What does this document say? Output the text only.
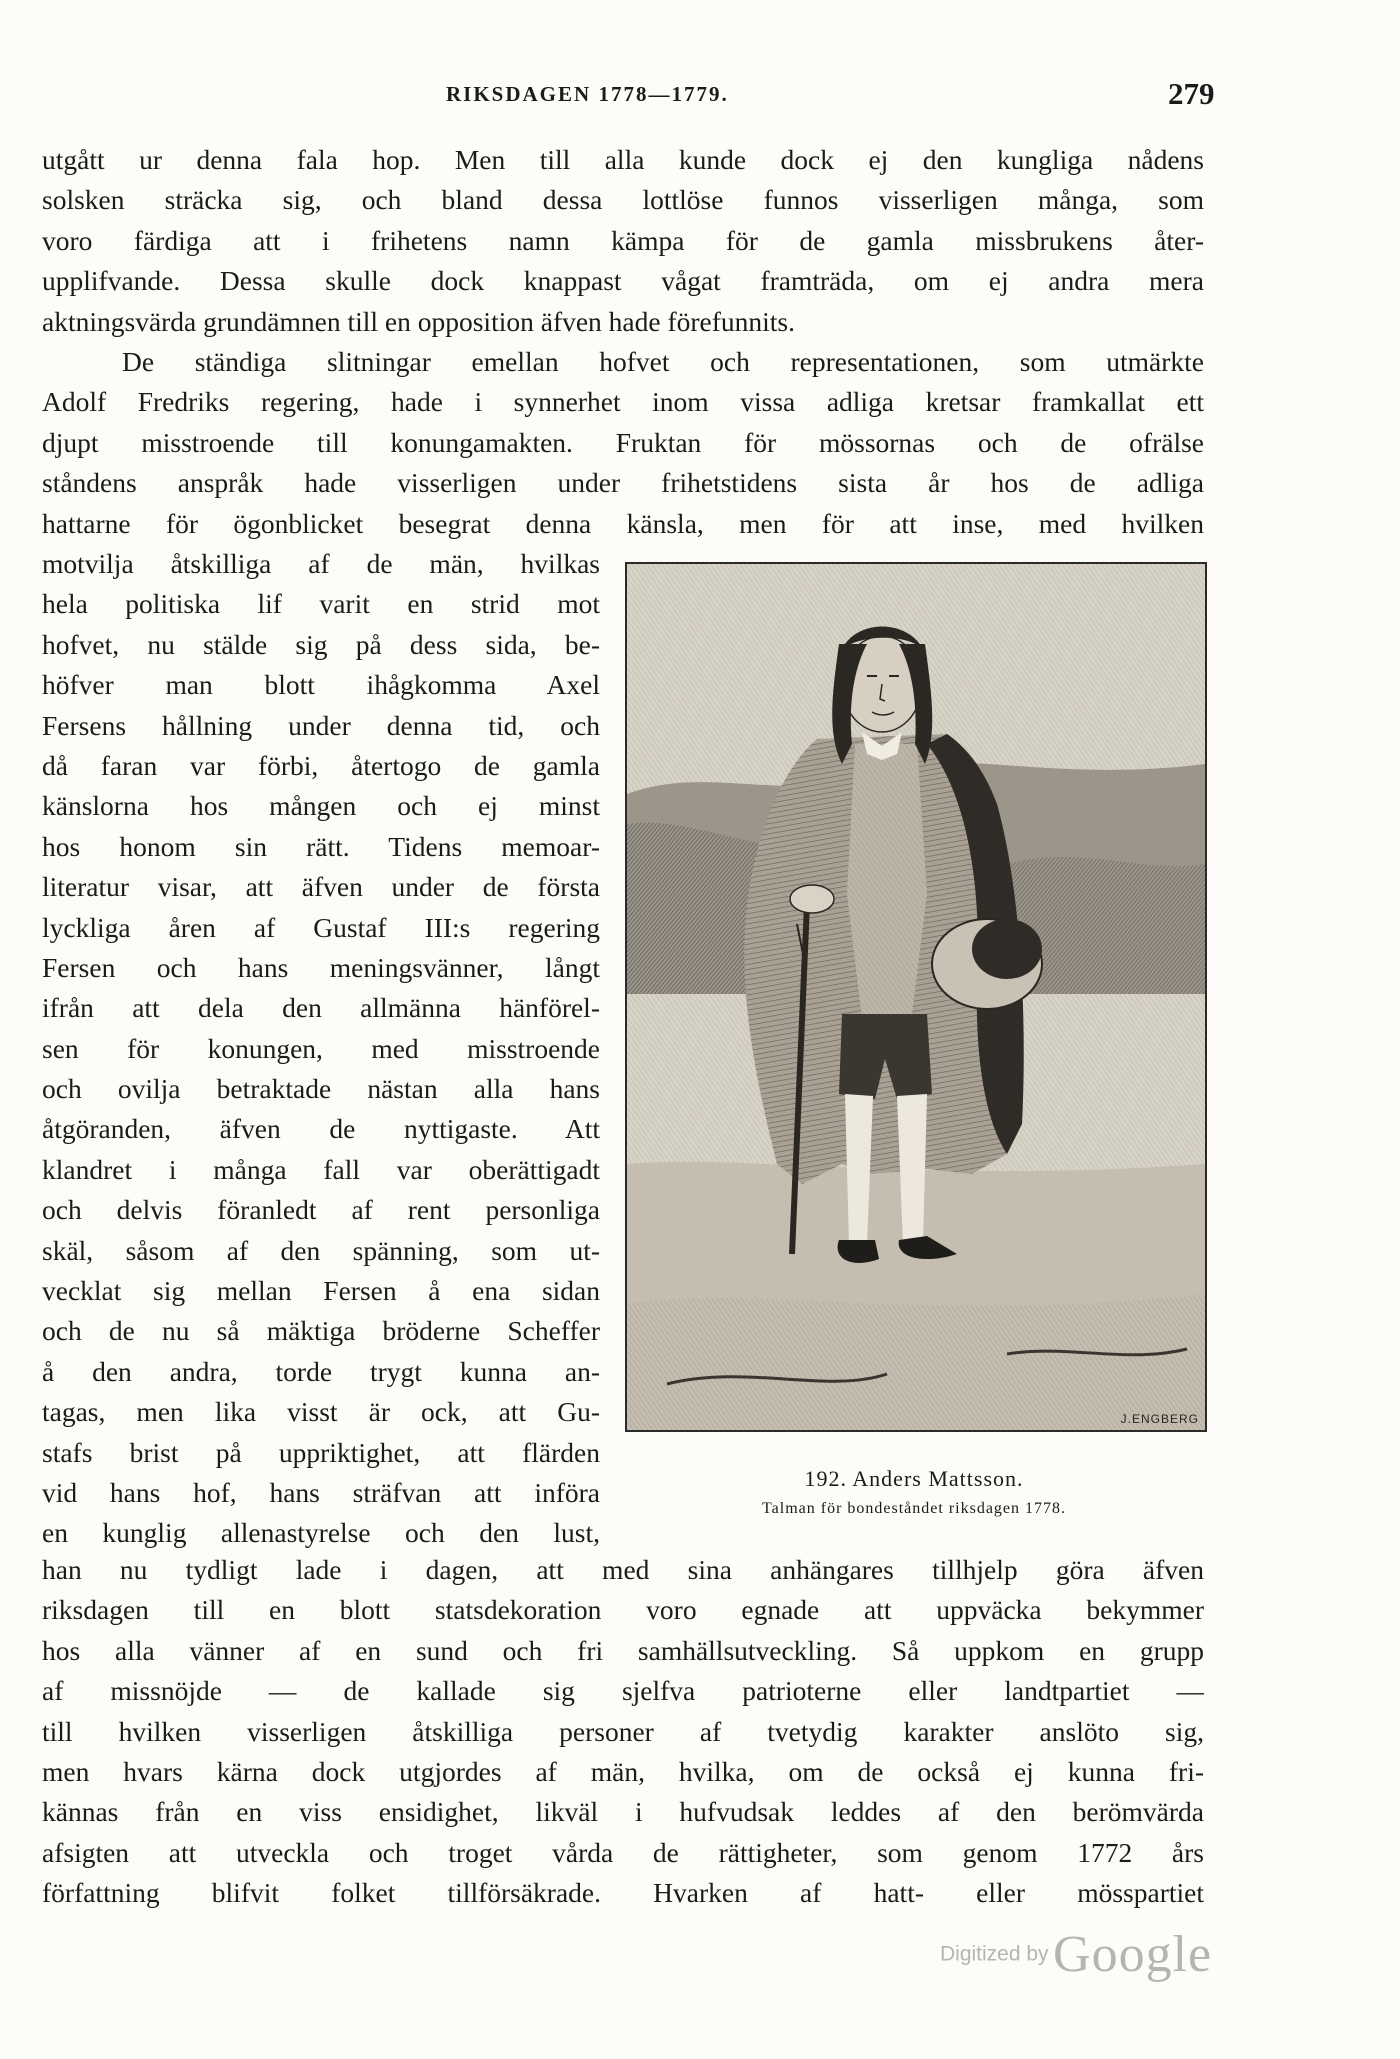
RIKSDAGEN 1778—1779.	279
utgått ur denna fala hop. Men till alla kunde dock ej den kungliga nådens
solsken sträcka sig, och bland dessa lottlöse funnos visserligen många, som
voro färdiga att i frihetens namn kämpa för de gamla missbrukens åter-
upplifvande. Dessa skulle dock knappast vågat framträda, om ej andra mera
aktningsvärda grundämnen till en opposition äfven hade förefunnits.
De ständiga slitningar emellan hofvet och representationen, som utmärkte
Adolf Fredriks regering, hade i synnerhet inom vissa adliga kretsar framkallat ett
djupt misstroende till konungamakten. Fruktan för mössornas och de ofrälse
ståndens anspråk hade visserligen under frihetstidens sista år hos de adliga
hattarne för ögonblicket besegrat denna känsla, men för att inse, med hvilken
motvilja åtskilliga af de män, hvilkas
hela politiska lif varit en strid mot
hofvet, nu stälde sig på dess sida, be-
höfver man blott ihågkomma Axel
Fersens hållning under denna tid, och
då faran var förbi, återtogo de gamla
känslorna hos mången och ej minst
hos honom sin rätt. Tidens memoar-
literatur visar, att äfven under de första
lyckliga åren af Gustaf III:s regering
Fersen och hans meningsvänner, långt
ifrån att dela den allmänna hänförel-
sen för konungen, med misstroende
och ovilja betraktade nästan alla hans
åtgöranden, äfven de nyttigaste. Att
klandret i många fall var oberättigadt
och delvis föranledt af rent personliga
skäl, såsom af den spänning, som ut-
vecklat sig mellan Fersen å ena sidan
och de nu så mäktiga bröderne Scheffer
å den andra, torde trygt kunna an-
tagas, men lika visst är ock, att Gu-
stafs brist på uppriktighet, att flärden
vid hans hof, hans sträfvan att införa
en kunglig allenastyrelse och den lust,
J.ENGBERG
192. Anders Mattsson.
Talman för bondeståndet riksdagen 1778.
han nu tydligt lade i dagen, att med sina anhängares tillhjelp göra äfven
riksdagen till en blott statsdekoration voro egnade att uppväcka bekymmer
hos alla vänner af en sund och fri samhällsutveckling. Så uppkom en grupp
af missnöjde — de kallade sig sjelfva patrioterne eller landtpartiet —
till hvilken visserligen åtskilliga personer af tvetydig karakter anslöto sig,
men hvars kärna dock utgjordes af män, hvilka, om de också ej kunna fri-
kännas från en viss ensidighet, likväl i hufvudsak leddes af den berömvärda
afsigten att utveckla och troget vårda de rättigheter, som genom 1772 års
författning blifvit folket tillförsäkrade. Hvarken af hatt- eller mösspartiet
Digitized by Google
